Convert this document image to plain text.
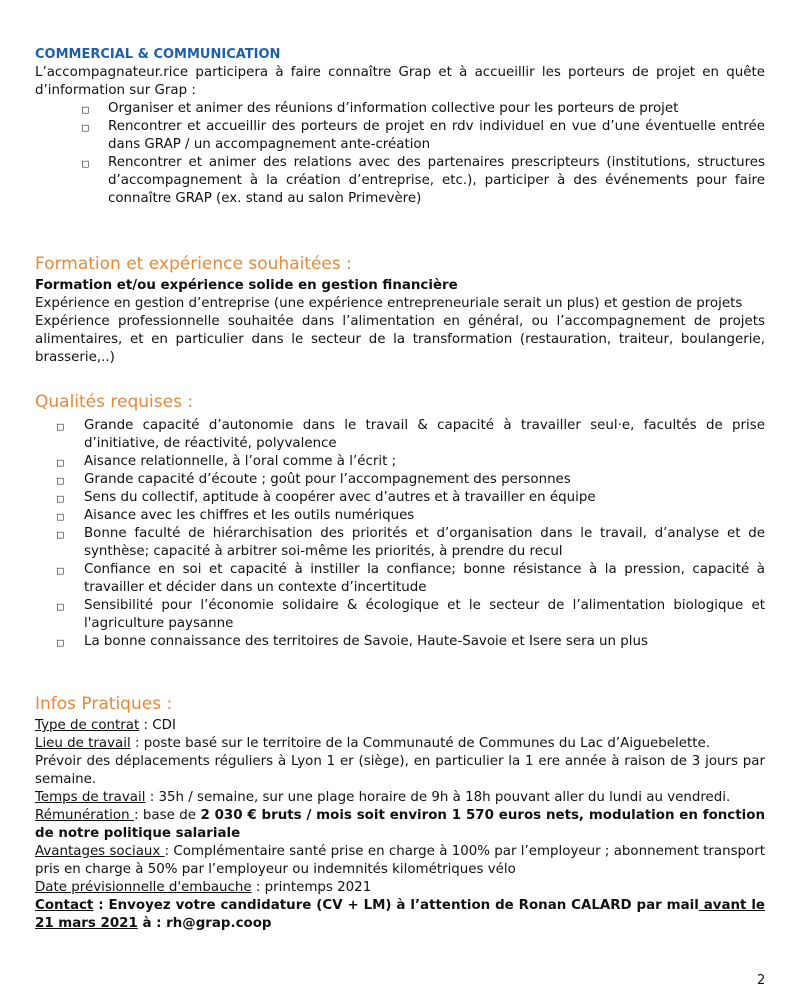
COMMERCIAL & COMMUNICATION
L’accompagnateur.rice participera à faire connaître Grap et à accueillir les porteurs de projet en quête d’information sur Grap :
□ Organiser et animer des réunions d’information collective pour les porteurs de projet
□ Rencontrer et accueillir des porteurs de projet en rdv individuel en vue d’une éventuelle entrée dans GRAP / un accompagnement ante-création
□ Rencontrer et animer des relations avec des partenaires prescripteurs (institutions, structures d’accompagnement à la création d’entreprise, etc.), participer à des événements pour faire connaître GRAP (ex. stand au salon Primevère)
Formation et expérience souhaitées :
Formation et/ou expérience solide en gestion financière
Expérience en gestion d’entreprise (une expérience entrepreneuriale serait un plus) et gestion de projets
Expérience professionnelle souhaitée dans l’alimentation en général, ou l’accompagnement de projets alimentaires, et en particulier dans le secteur de la transformation (restauration, traiteur, boulangerie, brasserie,..)
Qualités requises :
□ Grande capacité d’autonomie dans le travail & capacité à travailler seul·e, facultés de prise d’initiative, de réactivité, polyvalence
□ Aisance relationnelle, à l’oral comme à l’écrit ;
□ Grande capacité d’écoute ; goût pour l’accompagnement des personnes
□ Sens du collectif, aptitude à coopérer avec d’autres et à travailler en équipe
□ Aisance avec les chiffres et les outils numériques
□ Bonne faculté de hiérarchisation des priorités et d’organisation dans le travail, d’analyse et de synthèse; capacité à arbitrer soi-même les priorités, à prendre du recul
□ Confiance en soi et capacité à instiller la confiance; bonne résistance à la pression, capacité à travailler et décider dans un contexte d’incertitude
□ Sensibilité pour l’économie solidaire & écologique et le secteur de l’alimentation biologique et l'agriculture paysanne
□ La bonne connaissance des territoires de Savoie, Haute-Savoie et Isere sera un plus
Infos Pratiques :
Type de contrat : CDI
Lieu de travail : poste basé sur le territoire de la Communauté de Communes du Lac d’Aiguebelette.
Prévoir des déplacements réguliers à Lyon 1 er (siège), en particulier la 1 ere année à raison de 3 jours par semaine.
Temps de travail : 35h / semaine, sur une plage horaire de 9h à 18h pouvant aller du lundi au vendredi.
Rémunération : base de 2 030 € bruts / mois soit environ 1 570 euros nets, modulation en fonction de notre politique salariale
Avantages sociaux : Complémentaire santé prise en charge à 100% par l’employeur ; abonnement transport pris en charge à 50% par l’employeur ou indemnités kilométriques vélo
Date prévisionnelle d'embauche : printemps 2021
Contact : Envoyez votre candidature (CV + LM) à l’attention de Ronan CALARD par mail avant le 21 mars 2021 à : rh@grap.coop
2
